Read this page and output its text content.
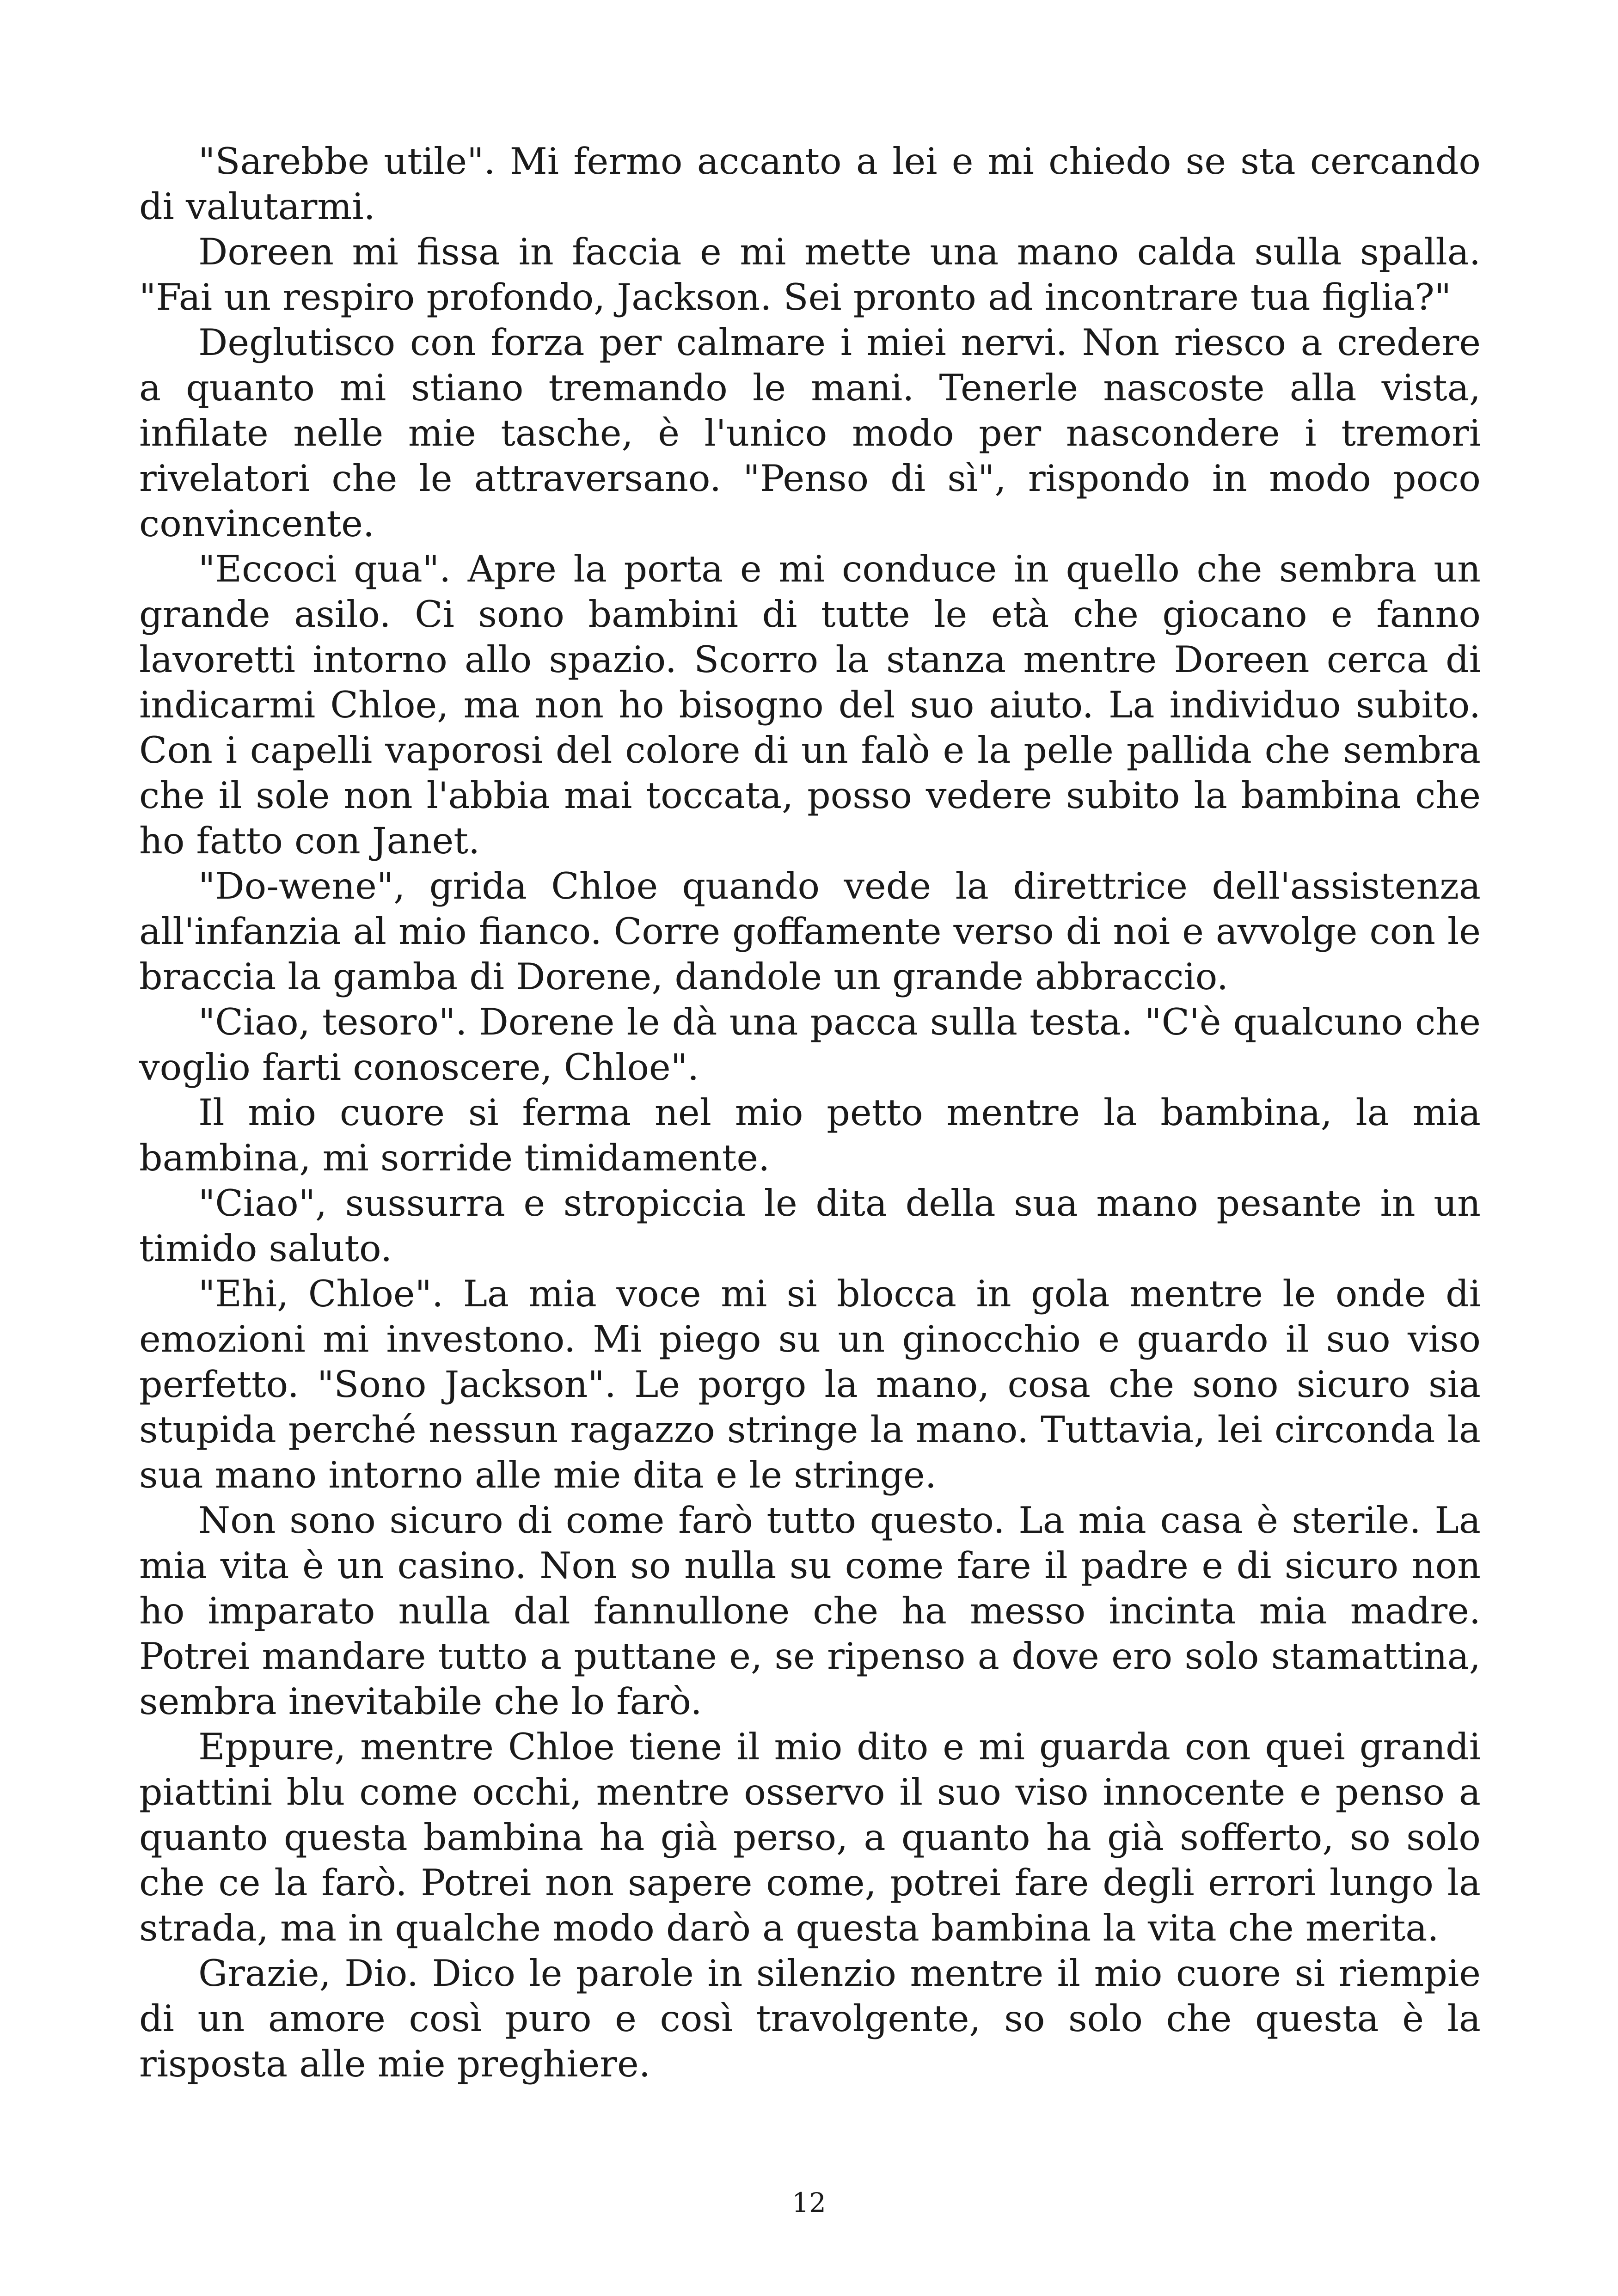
"Sarebbe utile". Mi fermo accanto a lei e mi chiedo se sta cercando di valutarmi.

Doreen mi fissa in faccia e mi mette una mano calda sulla spalla. "Fai un respiro profondo, Jackson. Sei pronto ad incontrare tua figlia?"

Deglutisco con forza per calmare i miei nervi. Non riesco a credere a quanto mi stiano tremando le mani. Tenerle nascoste alla vista, infilate nelle mie tasche, è l'unico modo per nascondere i tremori rivelatori che le attraversano. "Penso di sì", rispondo in modo poco convincente.

"Eccoci qua". Apre la porta e mi conduce in quello che sembra un grande asilo. Ci sono bambini di tutte le età che giocano e fanno lavoretti intorno allo spazio. Scorro la stanza mentre Doreen cerca di indicarmi Chloe, ma non ho bisogno del suo aiuto. La individuo subito. Con i capelli vaporosi del colore di un falò e la pelle pallida che sembra che il sole non l'abbia mai toccata, posso vedere subito la bambina che ho fatto con Janet.

"Do-wene", grida Chloe quando vede la direttrice dell'assistenza all'infanzia al mio fianco. Corre goffamente verso di noi e avvolge con le braccia la gamba di Dorene, dandole un grande abbraccio.

"Ciao, tesoro". Dorene le dà una pacca sulla testa. "C'è qualcuno che voglio farti conoscere, Chloe".

Il mio cuore si ferma nel mio petto mentre la bambina, la mia bambina, mi sorride timidamente.

"Ciao", sussurra e stropiccia le dita della sua mano pesante in un timido saluto.

"Ehi, Chloe". La mia voce mi si blocca in gola mentre le onde di emozioni mi investono. Mi piego su un ginocchio e guardo il suo viso perfetto. "Sono Jackson". Le porgo la mano, cosa che sono sicuro sia stupida perché nessun ragazzo stringe la mano. Tuttavia, lei circonda la sua mano intorno alle mie dita e le stringe.

Non sono sicuro di come farò tutto questo. La mia casa è sterile. La mia vita è un casino. Non so nulla su come fare il padre e di sicuro non ho imparato nulla dal fannullone che ha messo incinta mia madre. Potrei mandare tutto a puttane e, se ripenso a dove ero solo stamattina, sembra inevitabile che lo farò.

Eppure, mentre Chloe tiene il mio dito e mi guarda con quei grandi piattini blu come occhi, mentre osservo il suo viso innocente e penso a quanto questa bambina ha già perso, a quanto ha già sofferto, so solo che ce la farò. Potrei non sapere come, potrei fare degli errori lungo la strada, ma in qualche modo darò a questa bambina la vita che merita.

Grazie, Dio. Dico le parole in silenzio mentre il mio cuore si riempie di un amore così puro e così travolgente, so solo che questa è la risposta alle mie preghiere.

12
